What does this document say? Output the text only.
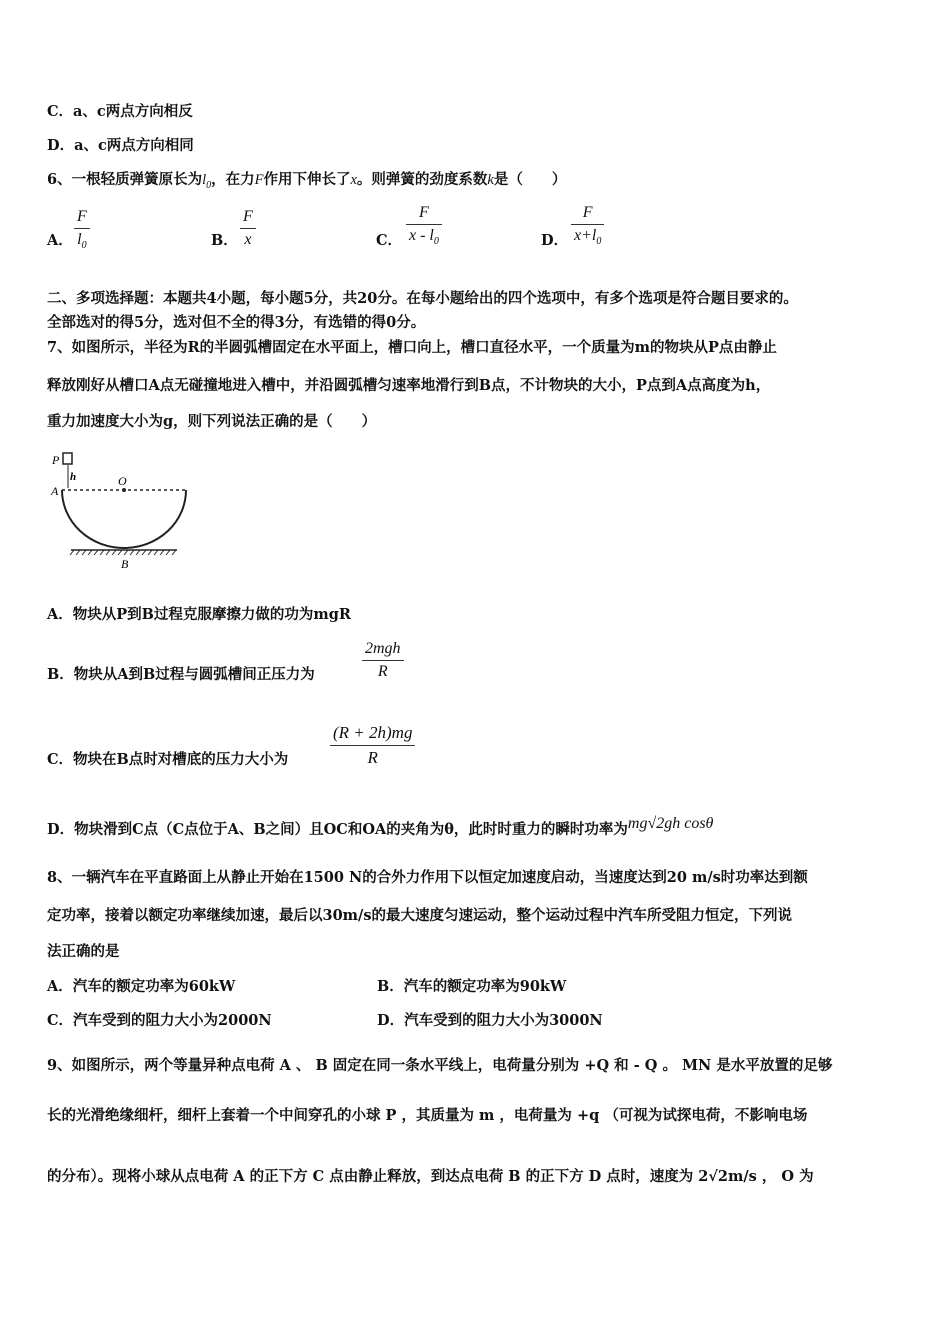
C．a、c两点方向相反
D．a、c两点方向相同
6、一根轻质弹簧原长为$l_0$，在力F作用下伸长了x。则弹簧的劲度系数k是（　　）
A．
F
$l_0$	B．
F
x	C．
F
x - $l_0$	D．
F
$x+l_0$
二、多项选择题：本题共4小题，每小题5分，共20分。在每小题给出的四个选项中，有多个选项是符合题目要求的。
全部选对的得5分，选对但不全的得3分，有选错的得0分。
7、如图所示，半径为R的半圆弧槽固定在水平面上，槽口向上，槽口直径水平，一个质量为m的物块从P点由静止
释放刚好从槽口A点无碰撞地进入槽中，并沿圆弧槽匀速率地滑行到B点，不计物块的大小，P点到A点高度为h，
重力加速度大小为g，则下列说法正确的是（　　）
P
h
A
O
B
A．物块从P到B过程克服摩擦力做的功为mgR
B．物块从A到B过程与圆弧槽间正压力为
2mgh
R
C．物块在B点时对槽底的压力大小为
(R + 2h)mg
R
D．物块滑到C点（C点位于A、B之间）且OC和OA的夹角为θ，此时时重力的瞬时功率为mg√2gh cosθ
8、一辆汽车在平直路面上从静止开始在1500 N的合外力作用下以恒定加速度启动，当速度达到20 m/s时功率达到额
定功率，接着以额定功率继续加速，最后以30m/s的最大速度匀速运动，整个运动过程中汽车所受阻力恒定，下列说
法正确的是
A．汽车的额定功率为60kW	B．汽车的额定功率为90kW
C．汽车受到的阻力大小为2000N	D．汽车受到的阻力大小为3000N
9、如图所示，两个等量异种点电荷 A 、 B 固定在同一条水平线上，电荷量分别为 +Q 和 - Q 。 MN 是水平放置的足够
长的光滑绝缘细杆，细杆上套着一个中间穿孔的小球 P ，其质量为 m ，电荷量为 +q （可视为试探电荷，不影响电场
的分布）。现将小球从点电荷 A 的正下方 C 点由静止释放，到达点电荷 B 的正下方 D 点时，速度为 2√2m/s ， O 为
